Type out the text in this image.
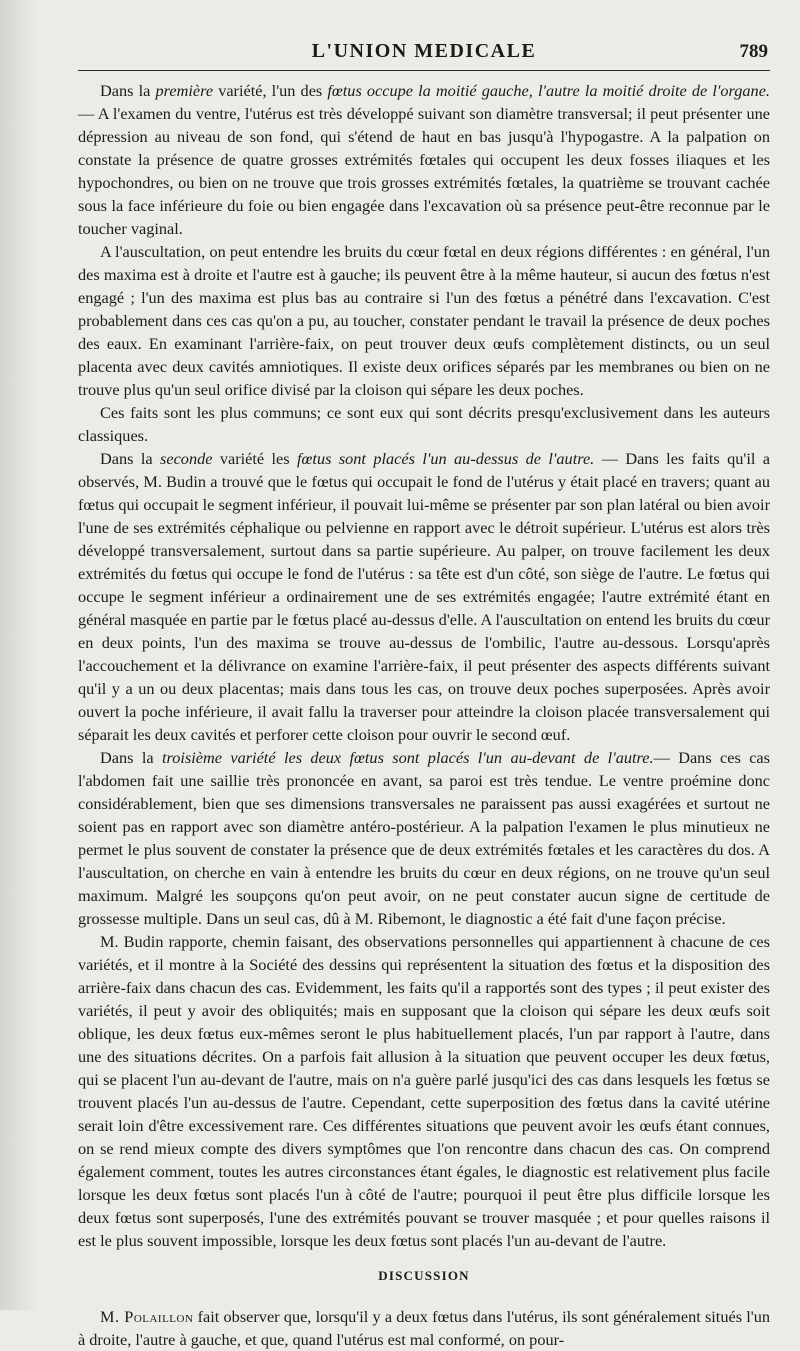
L'UNION MEDICALE	789

Dans la première variété, l'un des fœtus occupe la moitié gauche, l'autre la moitié droite de l'organe. — A l'examen du ventre, l'utérus est très développé suivant son diamètre transversal; il peut présenter une dépression au niveau de son fond, qui s'étend de haut en bas jusqu'à l'hypogastre. A la palpation on constate la présence de quatre grosses extrémités fœtales qui occupent les deux fosses iliaques et les hypochondres, ou bien on ne trouve que trois grosses extrémités fœtales, la quatrième se trouvant cachée sous la face inférieure du foie ou bien engagée dans l'excavation où sa présence peut-être reconnue par le toucher vaginal.

A l'auscultation, on peut entendre les bruits du cœur fœtal en deux régions différentes : en général, l'un des maxima est à droite et l'autre est à gauche; ils peuvent être à la même hauteur, si aucun des fœtus n'est engagé ; l'un des maxima est plus bas au contraire si l'un des fœtus a pénétré dans l'excavation. C'est probablement dans ces cas qu'on a pu, au toucher, constater pendant le travail la présence de deux poches des eaux. En examinant l'arrière-faix, on peut trouver deux œufs complètement distincts, ou un seul placenta avec deux cavités amniotiques. Il existe deux orifices séparés par les membranes ou bien on ne trouve plus qu'un seul orifice divisé par la cloison qui sépare les deux poches.

Ces faits sont les plus communs; ce sont eux qui sont décrits presqu'exclusivement dans les auteurs classiques.

Dans la seconde variété les fœtus sont placés l'un au-dessus de l'autre. — Dans les faits qu'il a observés, M. Budin a trouvé que le fœtus qui occupait le fond de l'utérus y était placé en travers; quant au fœtus qui occupait le segment inférieur, il pouvait lui-même se présenter par son plan latéral ou bien avoir l'une de ses extrémités céphalique ou pelvienne en rapport avec le détroit supérieur. L'utérus est alors très développé transversalement, surtout dans sa partie supérieure. Au palper, on trouve facilement les deux extrémités du fœtus qui occupe le fond de l'utérus : sa tête est d'un côté, son siège de l'autre. Le fœtus qui occupe le segment inférieur a ordinairement une de ses extrémités engagée; l'autre extrémité étant en général masquée en partie par le fœtus placé au-dessus d'elle. A l'auscultation on entend les bruits du cœur en deux points, l'un des maxima se trouve au-dessus de l'ombilic, l'autre au-dessous. Lorsqu'après l'accouchement et la délivrance on examine l'arrière-faix, il peut présenter des aspects différents suivant qu'il y a un ou deux placentas; mais dans tous les cas, on trouve deux poches superposées. Après avoir ouvert la poche inférieure, il avait fallu la traverser pour atteindre la cloison placée transversalement qui séparait les deux cavités et perforer cette cloison pour ouvrir le second œuf.

Dans la troisième variété les deux fœtus sont placés l'un au-devant de l'autre.— Dans ces cas l'abdomen fait une saillie très prononcée en avant, sa paroi est très tendue. Le ventre proémine donc considérablement, bien que ses dimensions transversales ne paraissent pas aussi exagérées et surtout ne soient pas en rapport avec son diamètre antéro-postérieur. A la palpation l'examen le plus minutieux ne permet le plus souvent de constater la présence que de deux extrémités fœtales et les caractères du dos. A l'auscultation, on cherche en vain à entendre les bruits du cœur en deux régions, on ne trouve qu'un seul maximum. Malgré les soupçons qu'on peut avoir, on ne peut constater aucun signe de certitude de grossesse multiple. Dans un seul cas, dû à M. Ribemont, le diagnostic a été fait d'une façon précise.

M. Budin rapporte, chemin faisant, des observations personnelles qui appartiennent à chacune de ces variétés, et il montre à la Société des dessins qui représentent la situation des fœtus et la disposition des arrière-faix dans chacun des cas. Evidemment, les faits qu'il a rapportés sont des types ; il peut exister des variétés, il peut y avoir des obliquités; mais en supposant que la cloison qui sépare les deux œufs soit oblique, les deux fœtus eux-mêmes seront le plus habituellement placés, l'un par rapport à l'autre, dans une des situations décrites. On a parfois fait allusion à la situation que peuvent occuper les deux fœtus, qui se placent l'un au-devant de l'autre, mais on n'a guère parlé jusqu'ici des cas dans lesquels les fœtus se trouvent placés l'un au-dessus de l'autre. Cependant, cette superposition des fœtus dans la cavité utérine serait loin d'être excessivement rare. Ces différentes situations que peuvent avoir les œufs étant connues, on se rend mieux compte des divers symptômes que l'on rencontre dans chacun des cas. On comprend également comment, toutes les autres circonstances étant égales, le diagnostic est relativement plus facile lorsque les deux fœtus sont placés l'un à côté de l'autre; pourquoi il peut être plus difficile lorsque les deux fœtus sont superposés, l'une des extrémités pouvant se trouver masquée ; et pour quelles raisons il est le plus souvent impossible, lorsque les deux fœtus sont placés l'un au-devant de l'autre.

DISCUSSION

M. Polaillon fait observer que, lorsqu'il y a deux fœtus dans l'utérus, ils sont généralement situés l'un à droite, l'autre à gauche, et que, quand l'utérus est mal conformé, on pour-
